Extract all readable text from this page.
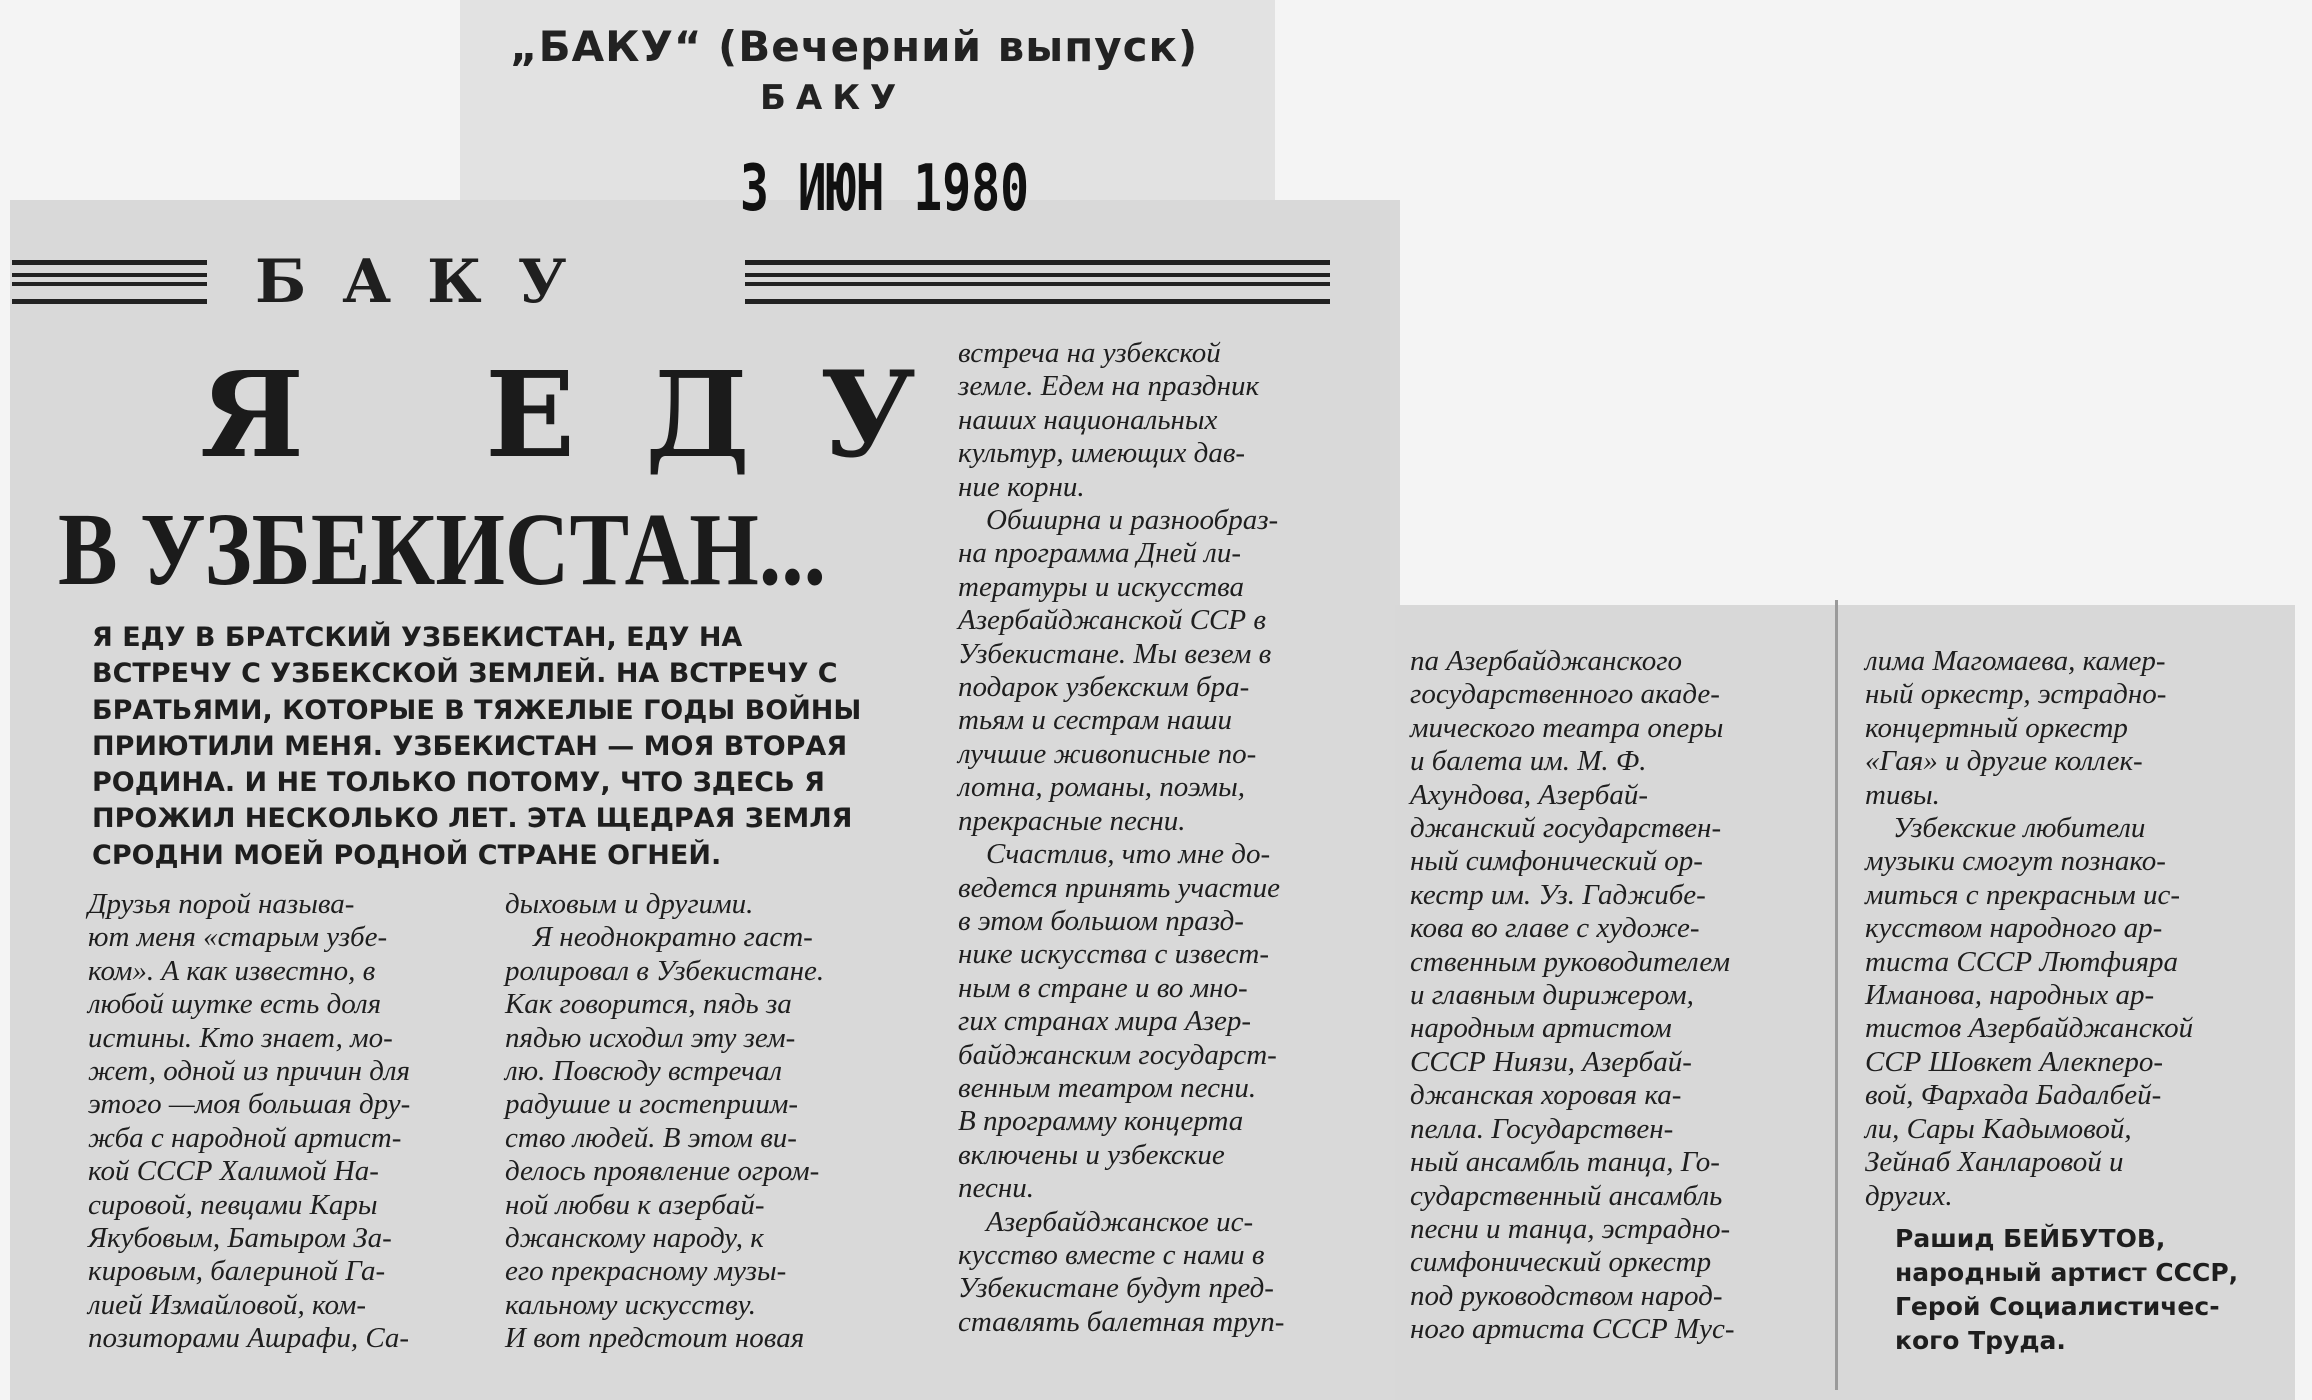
„БАКУ“ (Вечерний выпуск)
БАКУ
3 ИЮН 1980
БАКУ
Я ЕДУ
В УЗБЕКИСТАН...
Я ЕДУ В БРАТСКИЙ УЗБЕКИСТАН, ЕДУ НА
ВСТРЕЧУ С УЗБЕКСКОЙ ЗЕМЛЕЙ. НА ВСТРЕЧУ С
БРАТЬЯМИ, КОТОРЫЕ В ТЯЖЕЛЫЕ ГОДЫ ВОЙНЫ
ПРИЮТИЛИ МЕНЯ. УЗБЕКИСТАН — МОЯ ВТОРАЯ
РОДИНА. И НЕ ТОЛЬКО ПОТОМУ, ЧТО ЗДЕСЬ Я
ПРОЖИЛ НЕСКОЛЬКО ЛЕТ. ЭТА ЩЕДРАЯ ЗЕМЛЯ
СРОДНИ МОЕЙ РОДНОЙ СТРАНЕ ОГНЕЙ.
Друзья порой называ-
ют меня «старым узбе-
ком». А как известно, в
любой шутке есть доля
истины. Кто знает, мо-
жет, одной из причин для
этого —моя большая дру-
жба с народной артист-
кой СССР Халимой На-
сировой, певцами Кары
Якубовым, Батыром За-
кировым, балериной Га-
лией Измайловой, ком-
позиторами Ашрафи, Са-
дыховым и другими.
Я неоднократно гаст-
ролировал в Узбекистане.
Как говорится, пядь за
пядью исходил эту зем-
лю. Повсюду встречал
радушие и гостеприим-
ство людей. В этом ви-
делось проявление огром-
ной любви к азербай-
джанскому народу, к
его прекрасному музы-
кальному искусству.
И вот предстоит новая
встреча на узбекской
земле. Едем на праздник
наших национальных
культур, имеющих дав-
ние корни.
Обширна и разнообраз-
на программа Дней ли-
тературы и искусства
Азербайджанской ССР в
Узбекистане. Мы везем в
подарок узбекским бра-
тьям и сестрам наши
лучшие живописные по-
лотна, романы, поэмы,
прекрасные песни.
Счастлив, что мне до-
ведется принять участие
в этом большом празд-
нике искусства с извест-
ным в стране и во мно-
гих странах мира Азер-
байджанским государст-
венным театром песни.
В программу концерта
включены и узбекские
песни.
Азербайджанское ис-
кусство вместе с нами в
Узбекистане будут пред-
ставлять балетная труп-
па Азербайджанского
государственного акаде-
мического театра оперы
и балета им. М. Ф.
Ахундова, Азербай-
джанский государствен-
ный симфонический ор-
кестр им. Уз. Гаджибе-
кова во главе с художе-
ственным руководителем
и главным дирижером,
народным артистом
СССР Ниязи, Азербай-
джанская хоровая ка-
пелла. Государствен-
ный ансамбль танца, Го-
сударственный ансамбль
песни и танца, эстрадно-
симфонический оркестр
под руководством народ-
ного артиста СССР Мус-
лима Магомаева, камер-
ный оркестр, эстрадно-
концертный оркестр
«Гая» и другие коллек-
тивы.
Узбекские любители
музыки смогут познако-
миться с прекрасным ис-
кусством народного ар-
тиста СССР Лютфияра
Иманова, народных ар-
тистов Азербайджанской
ССР Шовкет Алекперо-
вой, Фархада Бадалбей-
ли, Сары Кадымовой,
Зейнаб Ханларовой и
других.
Рашид БЕЙБУТОВ,
народный артист СССР,
Герой Социалистичес-
кого Труда.
